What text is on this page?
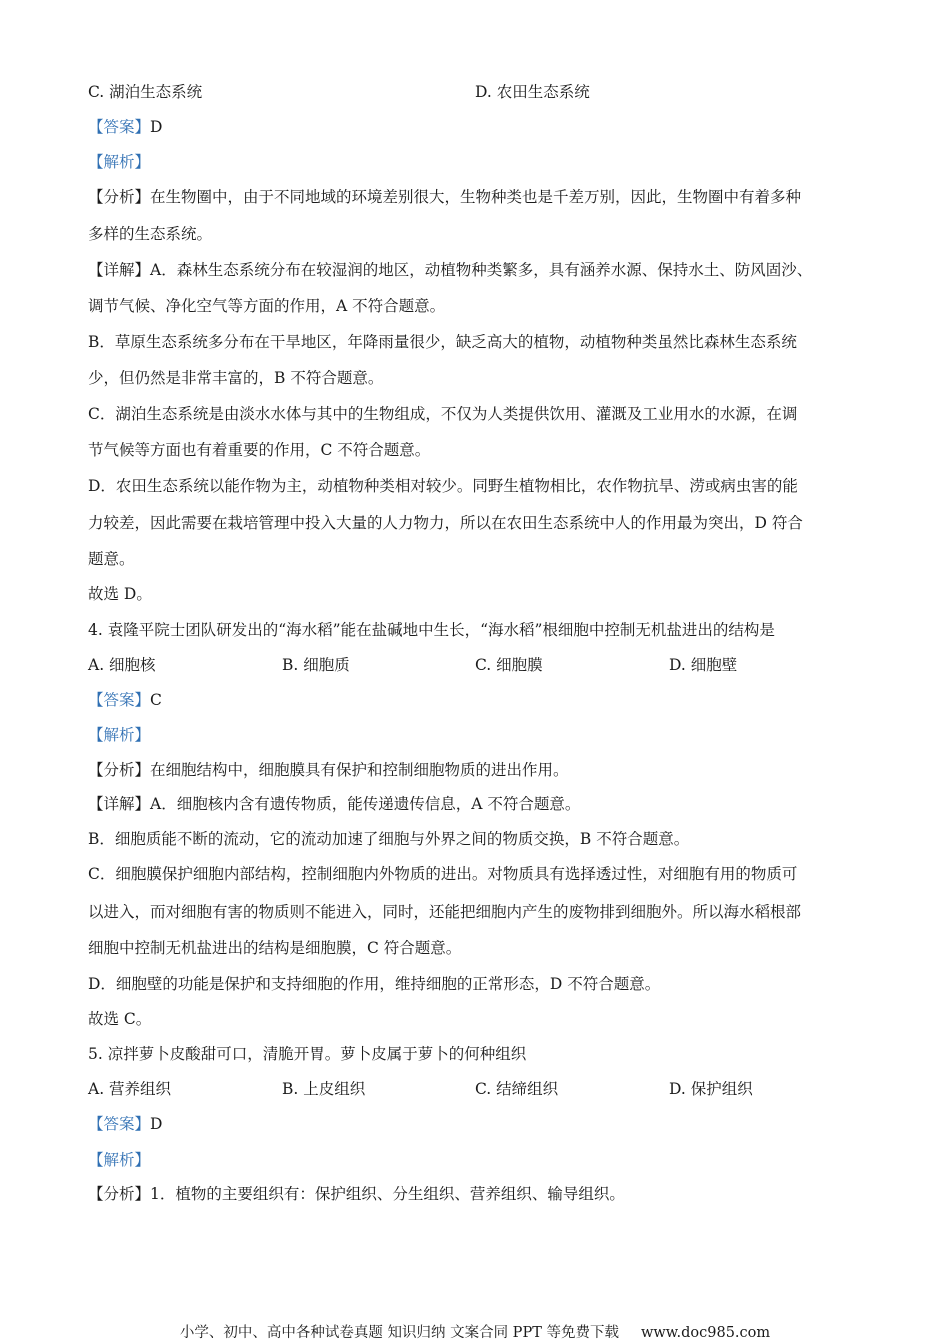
C. 湖泊生态系统	D. 农田生态系统
【答案】D
【解析】
【分析】在生物圈中，由于不同地域的环境差别很大，生物种类也是千差万别，因此，生物圈中有着多种
多样的生态系统。
【详解】A．森林生态系统分布在较湿润的地区，动植物种类繁多，具有涵养水源、保持水土、防风固沙、
调节气候、净化空气等方面的作用，A 不符合题意。
B．草原生态系统多分布在干旱地区，年降雨量很少，缺乏高大的植物，动植物种类虽然比森林生态系统
少，但仍然是非常丰富的，B 不符合题意。
C．湖泊生态系统是由淡水水体与其中的生物组成，不仅为人类提供饮用、灌溉及工业用水的水源，在调
节气候等方面也有着重要的作用，C 不符合题意。
D．农田生态系统以能作物为主，动植物种类相对较少。同野生植物相比，农作物抗旱、涝或病虫害的能
力较差，因此需要在栽培管理中投入大量的人力物力，所以在农田生态系统中人的作用最为突出，D 符合
题意。
故选 D。
4. 袁隆平院士团队研发出的“海水稻”能在盐碱地中生长，“海水稻”根细胞中控制无机盐进出的结构是
A. 细胞核	B. 细胞质	C. 细胞膜	D. 细胞壁
【答案】C
【解析】
【分析】在细胞结构中，细胞膜具有保护和控制细胞物质的进出作用。
【详解】A．细胞核内含有遗传物质，能传递遗传信息，A 不符合题意。
B．细胞质能不断的流动，它的流动加速了细胞与外界之间的物质交换，B 不符合题意。
C．细胞膜保护细胞内部结构，控制细胞内外物质的进出。对物质具有选择透过性，对细胞有用的物质可
以进入，而对细胞有害的物质则不能进入，同时，还能把细胞内产生的废物排到细胞外。所以海水稻根部
细胞中控制无机盐进出的结构是细胞膜，C 符合题意。
D．细胞壁的功能是保护和支持细胞的作用，维持细胞的正常形态，D 不符合题意。
故选 C。
5. 凉拌萝卜皮酸甜可口，清脆开胃。萝卜皮属于萝卜的何种组织
A. 营养组织	B. 上皮组织	C. 结缔组织	D. 保护组织
【答案】D
【解析】
【分析】1．植物的主要组织有：保护组织、分生组织、营养组织、输导组织。
小学、初中、高中各种试卷真题 知识归纳 文案合同 PPT 等免费下载 www.doc985.com
